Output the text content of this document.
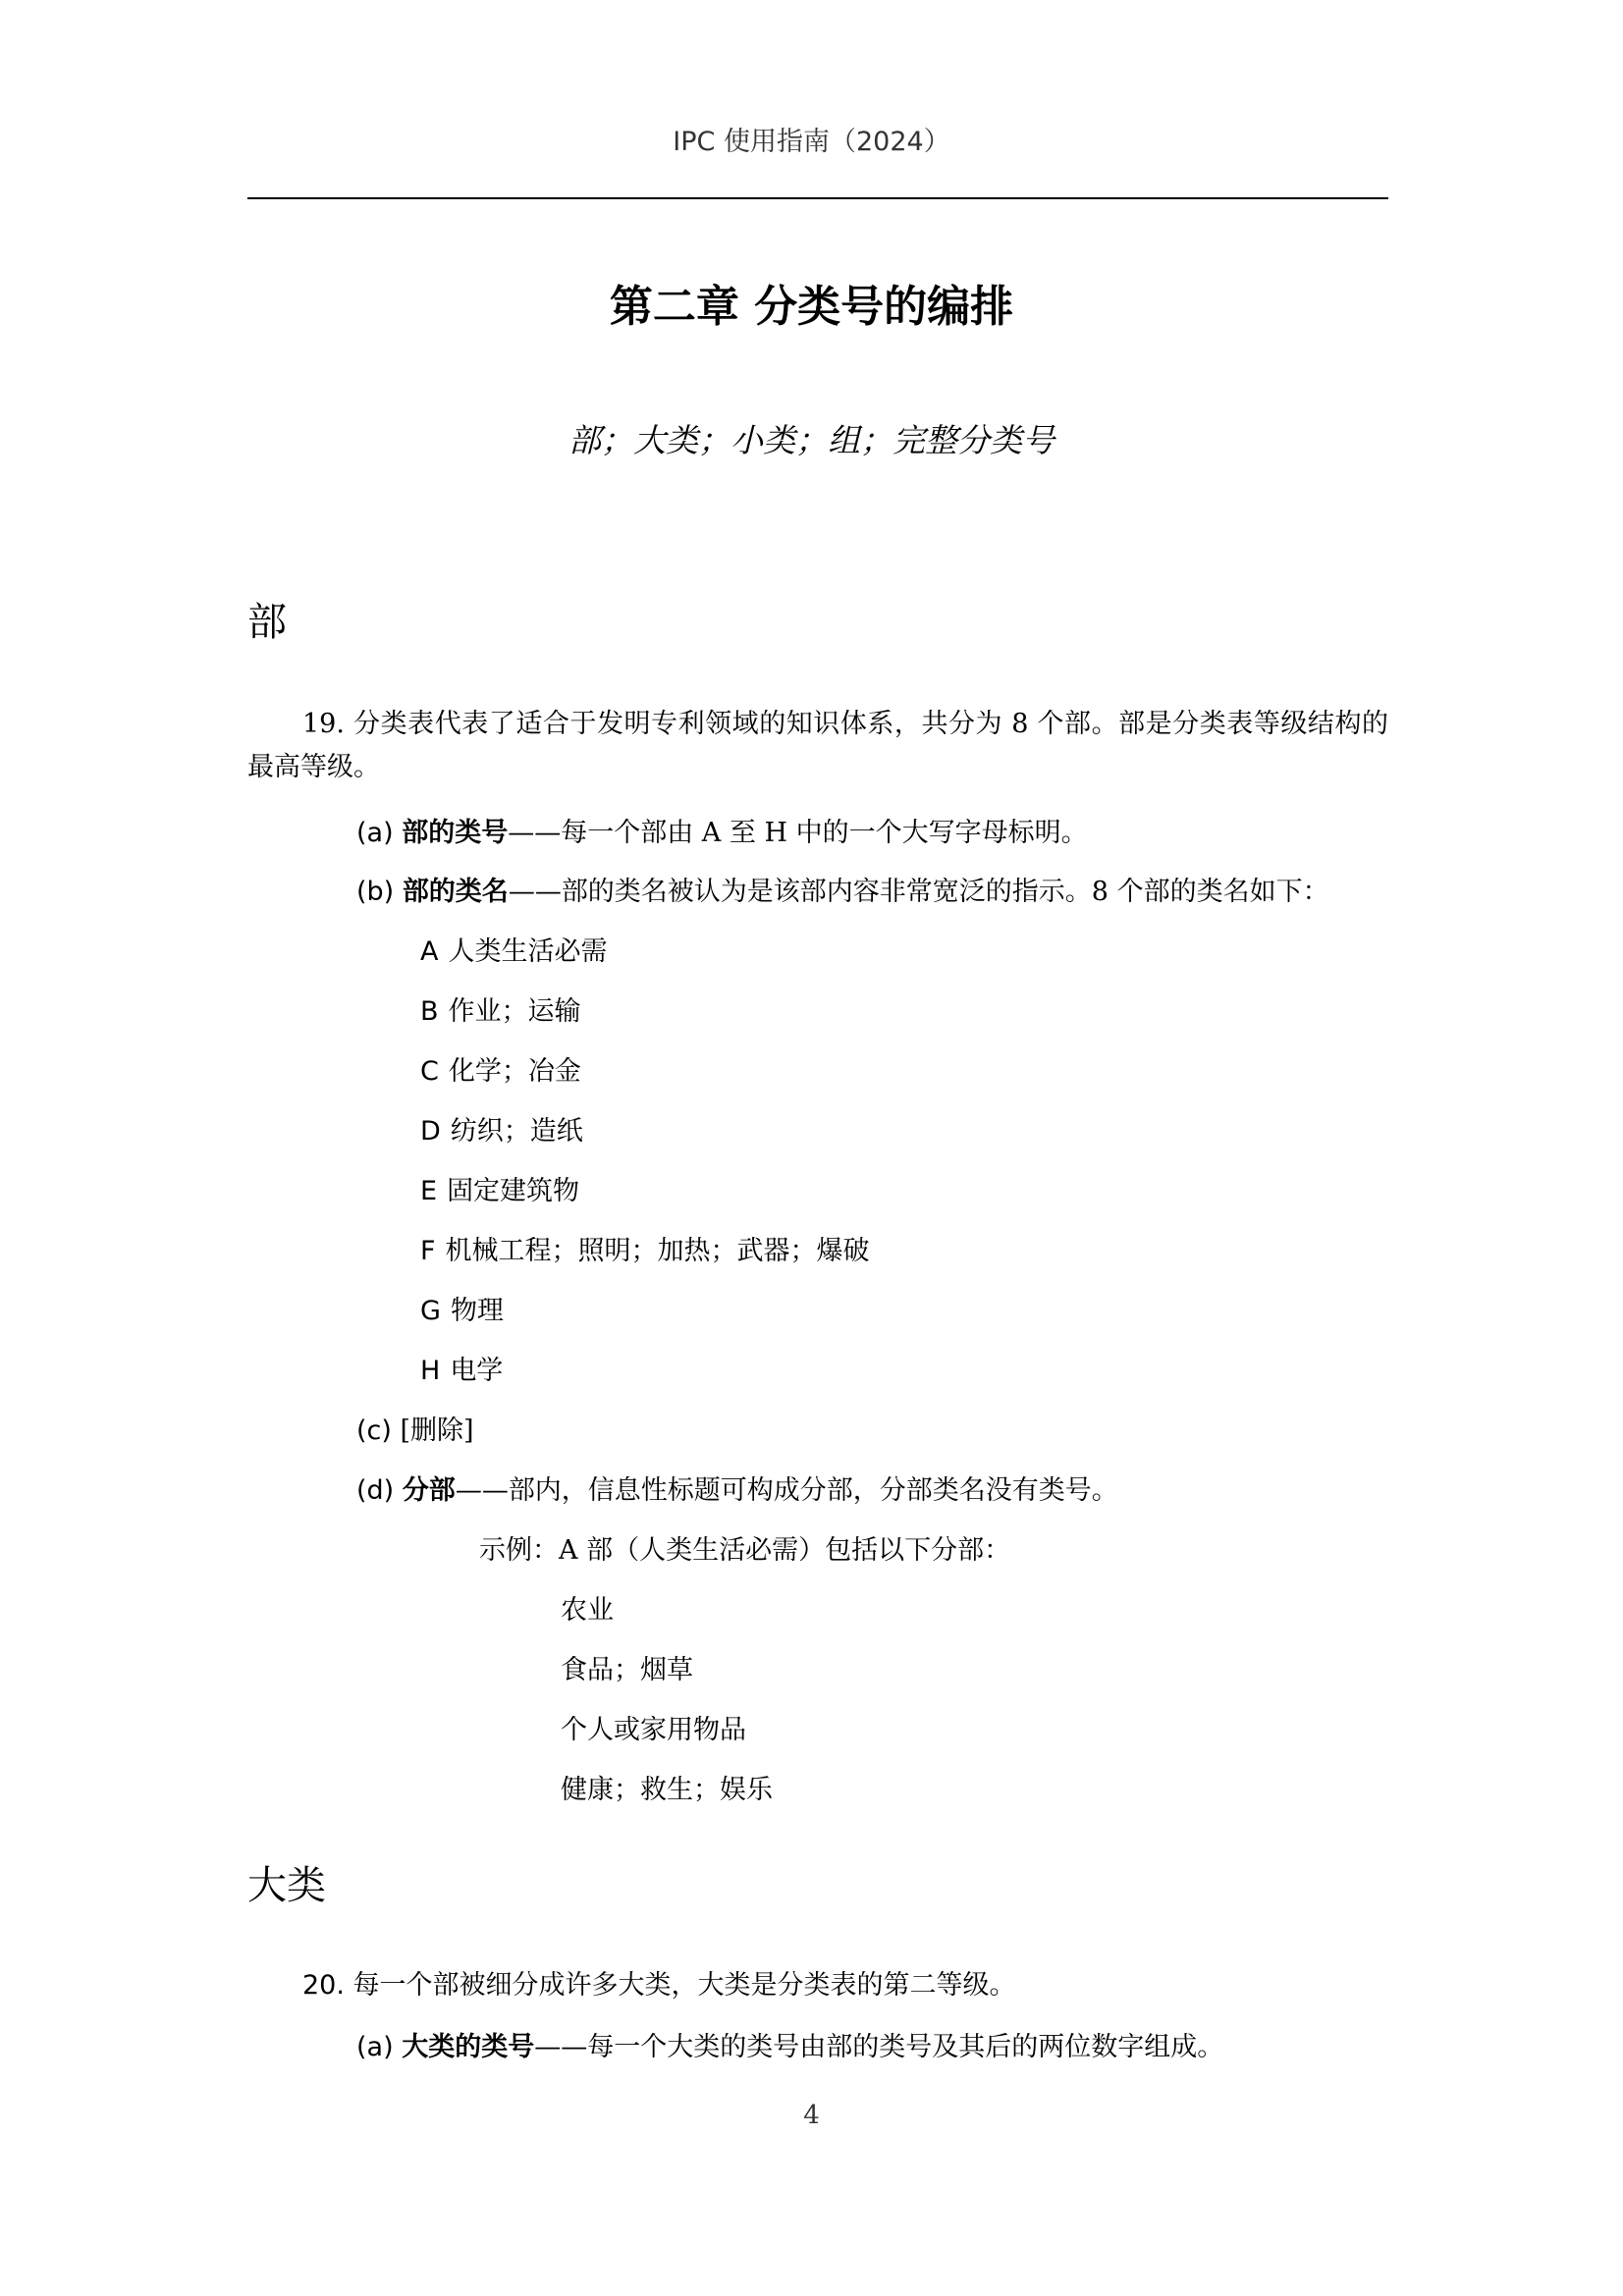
IPC 使用指南（2024）
第二章 分类号的编排
部；大类；小类；组；完整分类号
部
19. 分类表代表了适合于发明专利领域的知识体系，共分为 8 个部。部是分类表等级结构的最高等级。
(a) 部的类号——每一个部由 A 至 H 中的一个大写字母标明。
(b) 部的类名——部的类名被认为是该部内容非常宽泛的指示。8 个部的类名如下：
A 人类生活必需
B 作业；运输
C 化学；冶金
D 纺织；造纸
E 固定建筑物
F 机械工程；照明；加热；武器；爆破
G 物理
H 电学
(c) [删除]
(d) 分部——部内，信息性标题可构成分部，分部类名没有类号。
示例：A 部（人类生活必需）包括以下分部：
农业
食品；烟草
个人或家用物品
健康；救生；娱乐
大类
20. 每一个部被细分成许多大类，大类是分类表的第二等级。
(a) 大类的类号——每一个大类的类号由部的类号及其后的两位数字组成。
4
